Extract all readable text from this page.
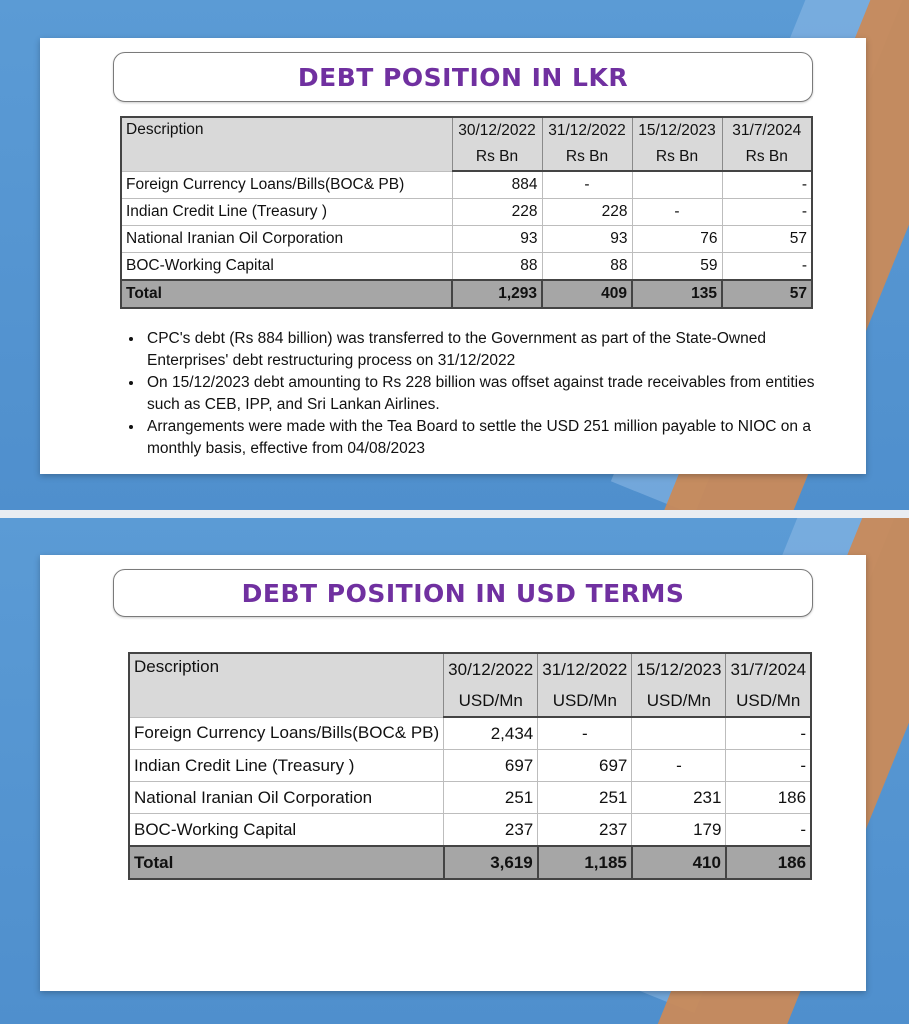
DEBT POSITION IN LKR
Description	30/12/2022	31/12/2022	15/12/2023	31/7/2024
	Rs Bn	Rs Bn	Rs Bn	Rs Bn
Foreign Currency Loans/Bills(BOC& PB)	884	-		-
Indian Credit Line (Treasury )	228	228	-	-
National Iranian Oil Corporation	93	93	76	57
BOC-Working Capital	88	88	59	-
Total	1,293	409	135	57
• CPC's debt (Rs 884 billion) was transferred to the Government as part of the State-Owned Enterprises' debt restructuring process on 31/12/2022
• On 15/12/2023 debt amounting to Rs 228 billion was offset against trade receivables from entities such as CEB, IPP, and Sri Lankan Airlines.
• Arrangements were made with the Tea Board to settle the USD 251 million payable to NIOC on a monthly basis, effective from 04/08/2023
DEBT POSITION IN USD TERMS
Description	30/12/2022	31/12/2022	15/12/2023	31/7/2024
	USD/Mn	USD/Mn	USD/Mn	USD/Mn
Foreign Currency Loans/Bills(BOC& PB)	2,434	-		-
Indian Credit Line (Treasury )	697	697	-	-
National Iranian Oil Corporation	251	251	231	186
BOC-Working Capital	237	237	179	-
Total	3,619	1,185	410	186
